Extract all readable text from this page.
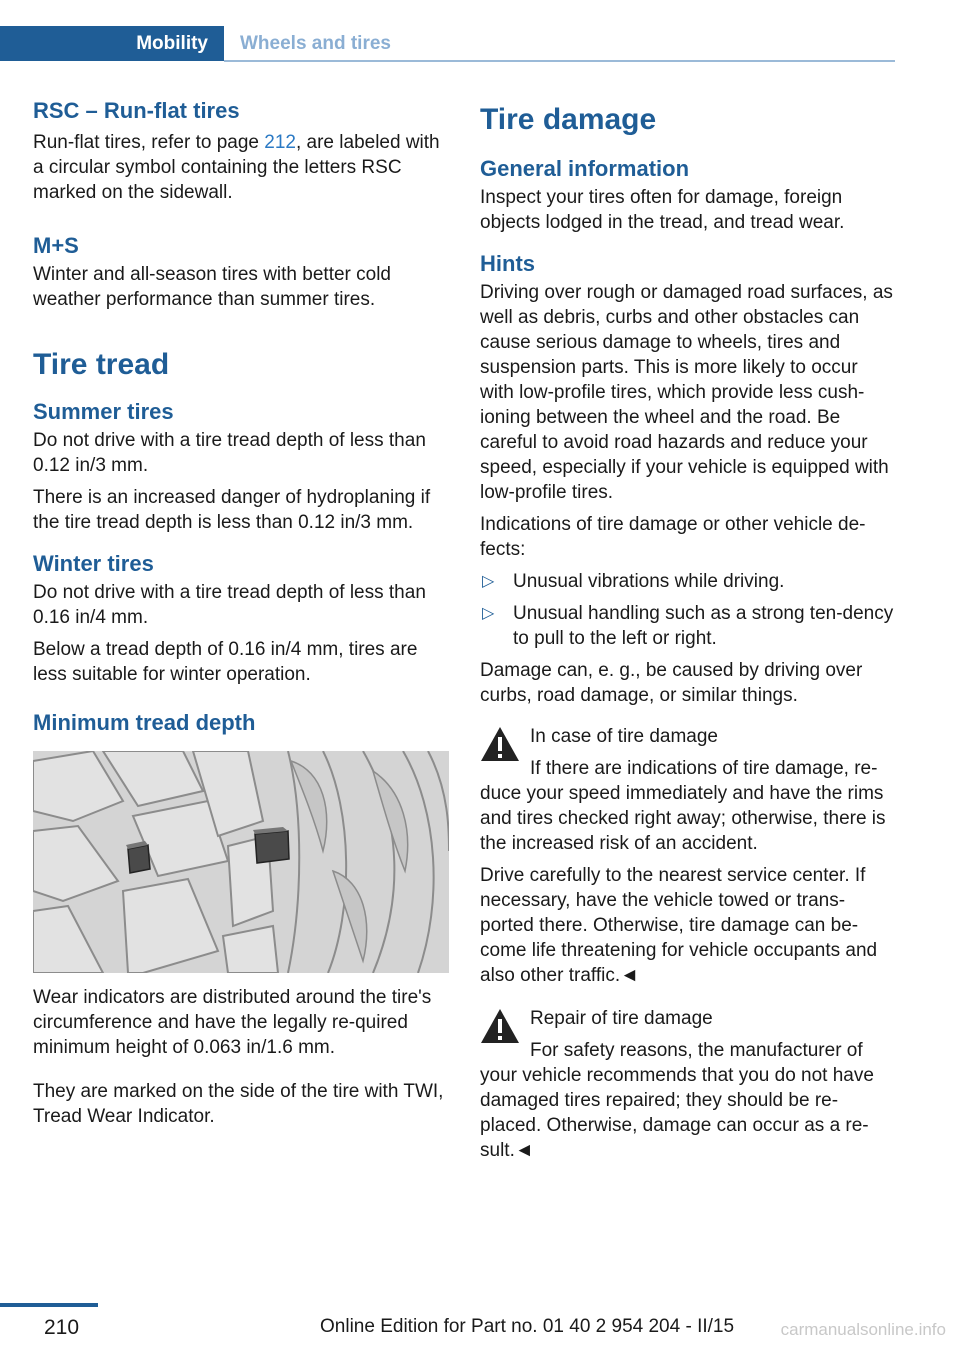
Mobility	Wheels and tires
RSC – Run-flat tires

Run-flat tires, refer to page 212, are labeled with a circular symbol containing the letters RSC marked on the sidewall.

M+S

Winter and all-season tires with better cold weather performance than summer tires.

Tire tread
Summer tires

Do not drive with a tire tread depth of less than 0.12 in/3 mm.

There is an increased danger of hydroplaning if the tire tread depth is less than 0.12 in/3 mm.

Winter tires

Do not drive with a tire tread depth of less than 0.16 in/4 mm.

Below a tread depth of 0.16 in/4 mm, tires are less suitable for winter operation.

Minimum tread depth

Wear indicators are distributed around the tire's circumference and have the legally re‐quired minimum height of 0.063 in/1.6 mm.

They are marked on the side of the tire with TWI, Tread Wear Indicator.

Tire damage
General information

Inspect your tires often for damage, foreign objects lodged in the tread, and tread wear.

Hints

Driving over rough or damaged road surfaces, as well as debris, curbs and other obstacles can cause serious damage to wheels, tires and suspension parts. This is more likely to occur with low-profile tires, which provide less cush‐ioning between the wheel and the road. Be careful to avoid road hazards and reduce your speed, especially if your vehicle is equipped with low-profile tires.

Indications of tire damage or other vehicle de‐fects:

▷ Unusual vibrations while driving.
▷ Unusual handling such as a strong ten‐dency to pull to the left or right.

Damage can, e. g., be caused by driving over curbs, road damage, or similar things.

In case of tire damage

If there are indications of tire damage, re‐duce your speed immediately and have the rims and tires checked right away; otherwise, there is the increased risk of an accident.

Drive carefully to the nearest service center. If necessary, have the vehicle towed or trans‐ported there. Otherwise, tire damage can be‐come life threatening for vehicle occupants and also other traffic.◄

Repair of tire damage

For safety reasons, the manufacturer of your vehicle recommends that you do not have damaged tires repaired; they should be re‐placed. Otherwise, damage can occur as a re‐sult.◄

210	Online Edition for Part no. 01 40 2 954 204 - II/15	carmanualsonline.info
